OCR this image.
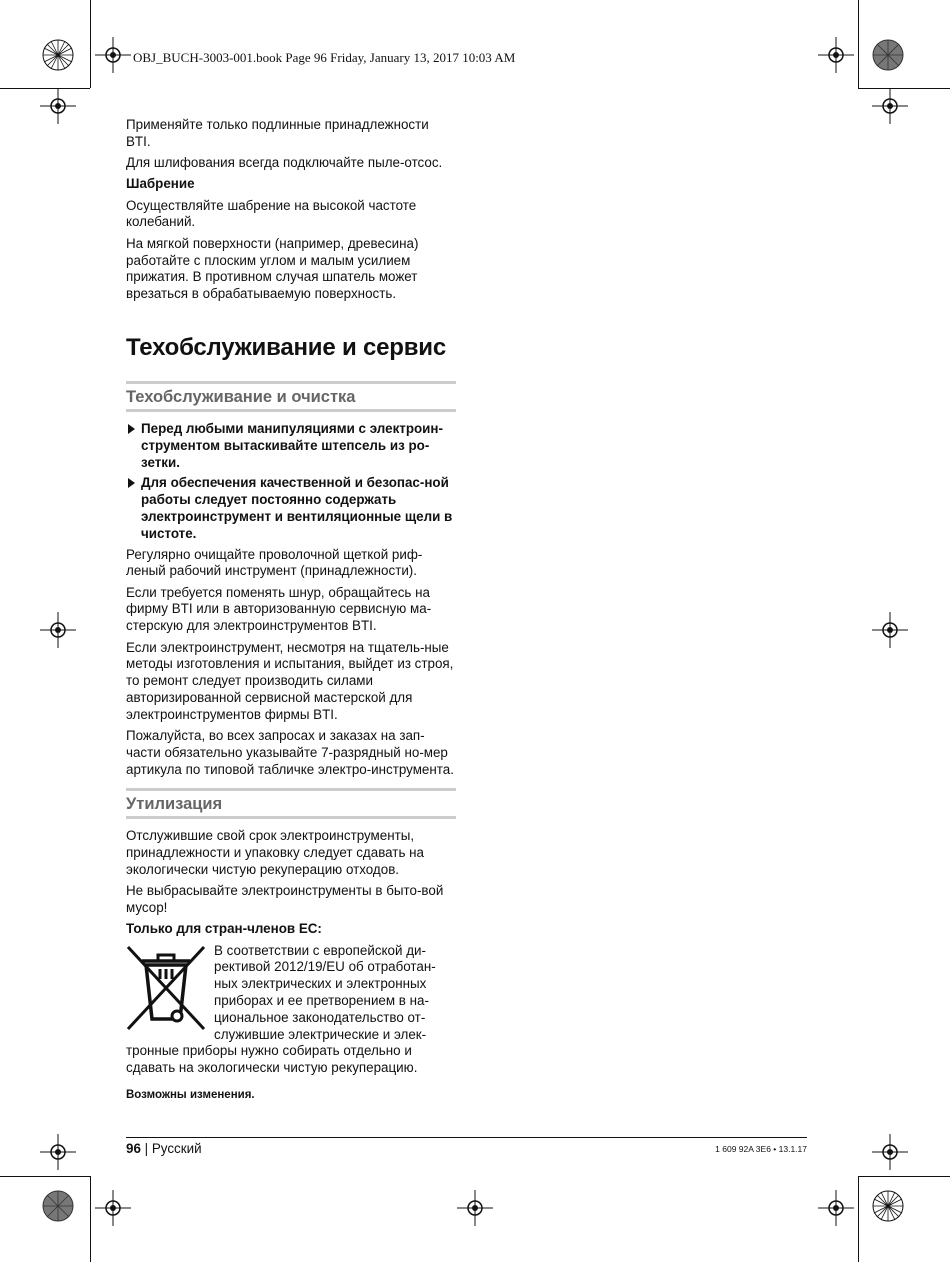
OBJ_BUCH-3003-001.book Page 96 Friday, January 13, 2017 10:03 AM

Применяйте только подлинные принадлежности BTI.

Для шлифования всегда подключайте пыле-отсос.

Шабрение

Осуществляйте шабрение на высокой частоте колебаний.

На мягкой поверхности (например, древесина) работайте с плоским углом и малым усилием прижатия. В противном случая шпатель может врезаться в обрабатываемую поверхность.

Техобслуживание и сервис
Техобслуживание и очистка
Перед любыми манипуляциями с электроин-струментом вытаскивайте штепсель из ро-зетки.
Для обеспечения качественной и безопас-ной работы следует постоянно содержать электроинструмент и вентиляционные щели в чистоте.

Регулярно очищайте проволочной щеткой риф-леный рабочий инструмент (принадлежности).

Если требуется поменять шнур, обращайтесь на фирму BTI или в авторизованную сервисную ма-стерскую для электроинструментов BTI.

Если электроинструмент, несмотря на тщатель-ные методы изготовления и испытания, выйдет из строя, то ремонт следует производить силами авторизированной сервисной мастерской для электроинструментов фирмы BTI.

Пожалуйста, во всех запросах и заказах на зап-части обязательно указывайте 7-разрядный но-мер артикула по типовой табличке электро-инструмента.

Утилизация

Отслужившие свой срок электроинструменты, принадлежности и упаковку следует сдавать на экологически чистую рекуперацию отходов.

Не выбрасывайте электроинструменты в быто-вой мусор!

Только для стран-членов ЕС:

В соответствии с европейской ди-рективой 2012/19/EU об отработан-ных электрических и электронных приборах и ее претворением в на-циональное законодательство от-служившие электрические и элек-тронные приборы нужно собирать отдельно и сдавать на экологически чистую рекуперацию.
Возможны изменения.
96 | Русский	1 609 92A 3E6 • 13.1.17
